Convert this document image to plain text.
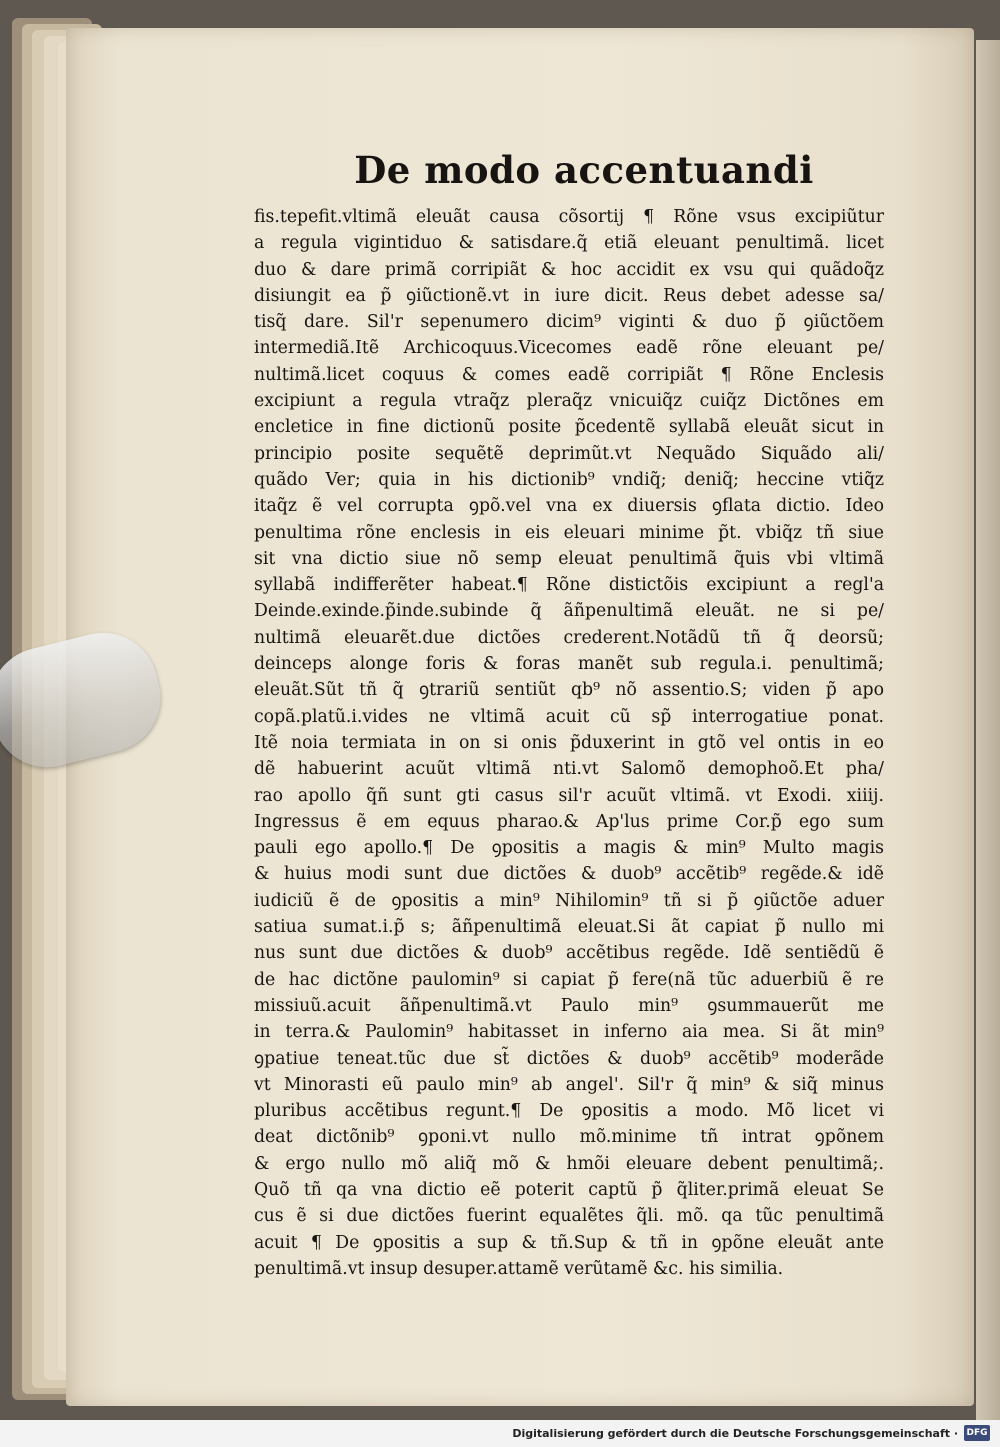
De modo accentuandi
fis.tepefit.vltimã eleuãt causa cõsortij ¶ Rõne vsus excipiũtur
a regula vigintiduo & satisdare.q̃ etiã eleuant penultimã. licet
duo & dare primã corripiãt & hoc accidit ex vsu qui quãdoq̃z
disiungit ea p̃ ꝯiũctionẽ.vt in iure dicit. Reus debet adesse sa/
tisq̃ dare. Sil'r sepenumero dicim⁹ viginti & duo p̃ ꝯiũctõem
intermediã.Itẽ Archicoquus.Vicecomes eadẽ rõne eleuant pe/
nultimã.licet coquus & comes eadẽ corripiãt ¶ Rõne Enclesis
excipiunt a regula vtraq̃z pleraq̃z vnicuiq̃z cuiq̃z Dictõnes em
encletice in fine dictionũ posite p̃cedentẽ syllabã eleuãt sicut in
principio posite sequẽtẽ deprimũt.vt Nequãdo Siquãdo ali/
quãdo Ver; quia in his dictionib⁹ vndiq̃; deniq̃; heccine vtiq̃z
itaq̃z ẽ vel corrupta ꝯpõ.vel vna ex diuersis ꝯflata dictio. Ideo
penultima rõne enclesis in eis eleuari minime p̃t. vbiq̃z tñ siue
sit vna dictio siue nõ semp eleuat penultimã q̃uis vbi vltimã
syllabã indifferẽter habeat.¶ Rõne distictõis excipiunt a regl'a
Deinde.exinde.p̃inde.subinde q̃ ãñpenultimã eleuãt. ne si pe/
nultimã eleuarẽt.due dictões crederent.Notãdũ tñ q̃ deorsũ;
deinceps alonge foris & foras manẽt sub regula.i. penultimã;
eleuãt.Sũt tñ q̃ ꝯtrariũ sentiũt qb⁹ nõ assentio.S; viden p̃ apo
copã.platũ.i.vides ne vltimã acuit cũ sp̃ interrogatiue ponat.
Itẽ noia termiata in on si onis p̃duxerint in gtõ vel ontis in eo
dẽ habuerint acuũt vltimã nti.vt Salomõ demophoõ.Et pha/
rao apollo q̃ñ sunt gti casus sil'r acuũt vltimã. vt Exodi. xiiij.
Ingressus ẽ em equus pharao.& Ap'lus prime Cor.p̃ ego sum
pauli ego apollo.¶ De ꝯpositis a magis & min⁹ Multo magis
& huius modi sunt due dictões & duob⁹ accẽtib⁹ regẽde.& idẽ
iudiciũ ẽ de ꝯpositis a min⁹ Nihilomin⁹ tñ si p̃ ꝯiũctõe aduer
satiua sumat.i.p̃ s; ãñpenultimã eleuat.Si ãt capiat p̃ nullo mi
nus sunt due dictões & duob⁹ accẽtibus regẽde. Idẽ sentiẽdũ ẽ
de hac dictõne paulomin⁹ si capiat p̃ fere(nã tũc aduerbiũ ẽ re
missiuũ.acuit ãñpenultimã.vt Paulo min⁹ ꝯsummauerũt me
in terra.& Paulomin⁹ habitasset in inferno aia mea. Si ãt min⁹
ꝯpatiue teneat.tũc due st̃ dictões & duob⁹ accẽtib⁹ moderãde
vt Minorasti eũ paulo min⁹ ab angel'. Sil'r q̃ min⁹ & siq̃ minus
pluribus accẽtibus regunt.¶ De ꝯpositis a modo. Mõ licet vi
deat dictõnib⁹ ꝯponi.vt nullo mõ.minime tñ intrat ꝯpõnem
& ergo nullo mõ aliq̃ mõ & hmõi eleuare debent penultimã;.
Quõ tñ qa vna dictio eẽ poterit captũ p̃ q̃liter.primã eleuat Se
cus ẽ si due dictões fuerint equalẽtes q̃li. mõ. qa tũc penultimã
acuit ¶ De ꝯpositis a sup & tñ.Sup & tñ in ꝯpõne eleuãt ante
penultimã.vt insup desuper.attamẽ verũtamẽ &c. his similia.
Digitalisierung gefördert durch die Deutsche Forschungsgemeinschaft · DFG
